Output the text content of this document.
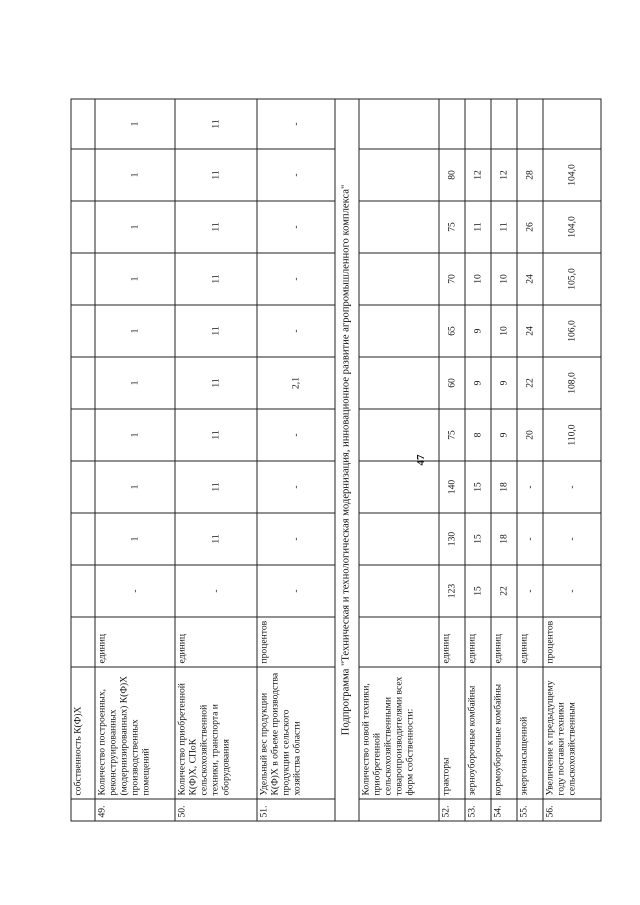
47
	собственность К(Ф)Х											
49.	Количество построенных, реконструированных (модернизированных) К(Ф)Х производственных помещений	единиц	-	1	1	1	1	1	1	1	1	1
50.	Количество приобретенной К(Ф)Х, СПоК сельскохозяйственной техники, транспорта и оборудования	единиц	-	11	11	11	11	11	11	11	11	11
51.	Удельный вес продукции К(Ф)Х в объеме производства продукции сельского хозяйства области	процентов	-	-	-	-	2,1	-	-	-	-	-
Подпрограмма "Техническая и технологическая модернизация, инновационное развитие агропромышленного комплекса"												
	Количество новой техники, приобретенной сельскохозяйственными товаропроизводителями всех форм собственности:											
52.	тракторы	единиц	123	130	140	75	60	65	70	75	80	
53.	зерноуборочные комбайны	единиц	15	15	15	8	9	9	10	11	12	
54.	кормоуборочные комбайны	единиц	22	18	18	9	9	10	10	11	12	
55.	энергонасыщенной	единиц	-	-	-	20	22	24	24	26	28	
56.	Увеличение к предыдущему году поставки техники сельскохозяйственным	процентов	-	-	-	110,0	108,0	106,0	105,0	104,0	104,0	
